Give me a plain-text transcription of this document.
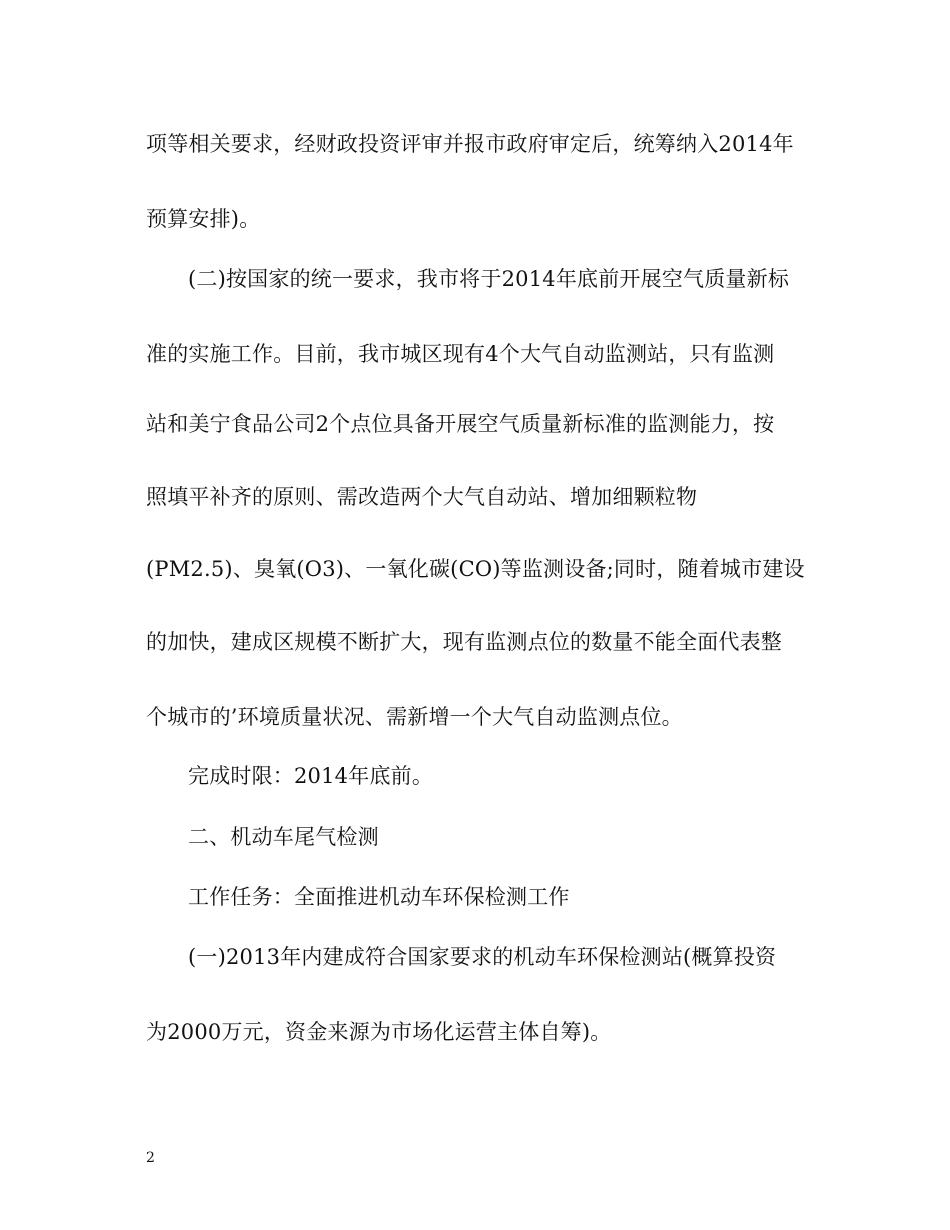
项等相关要求，经财政投资评审并报市政府审定后，统筹纳入2014年
预算安排)。
(二)按国家的统一要求，我市将于2014年底前开展空气质量新标
准的实施工作。目前，我市城区现有4个大气自动监测站，只有监测
站和美宁食品公司2个点位具备开展空气质量新标准的监测能力，按
照填平补齐的原则、需改造两个大气自动站、增加细颗粒物
(PM2.5)、臭氧(O3)、一氧化碳(CO)等监测设备;同时，随着城市建设
的加快，建成区规模不断扩大，现有监测点位的数量不能全面代表整
个城市的’环境质量状况、需新增一个大气自动监测点位。
完成时限：2014年底前。
二、机动车尾气检测
工作任务：全面推进机动车环保检测工作
(一)2013年内建成符合国家要求的机动车环保检测站(概算投资
为2000万元，资金来源为市场化运营主体自筹)。
2
